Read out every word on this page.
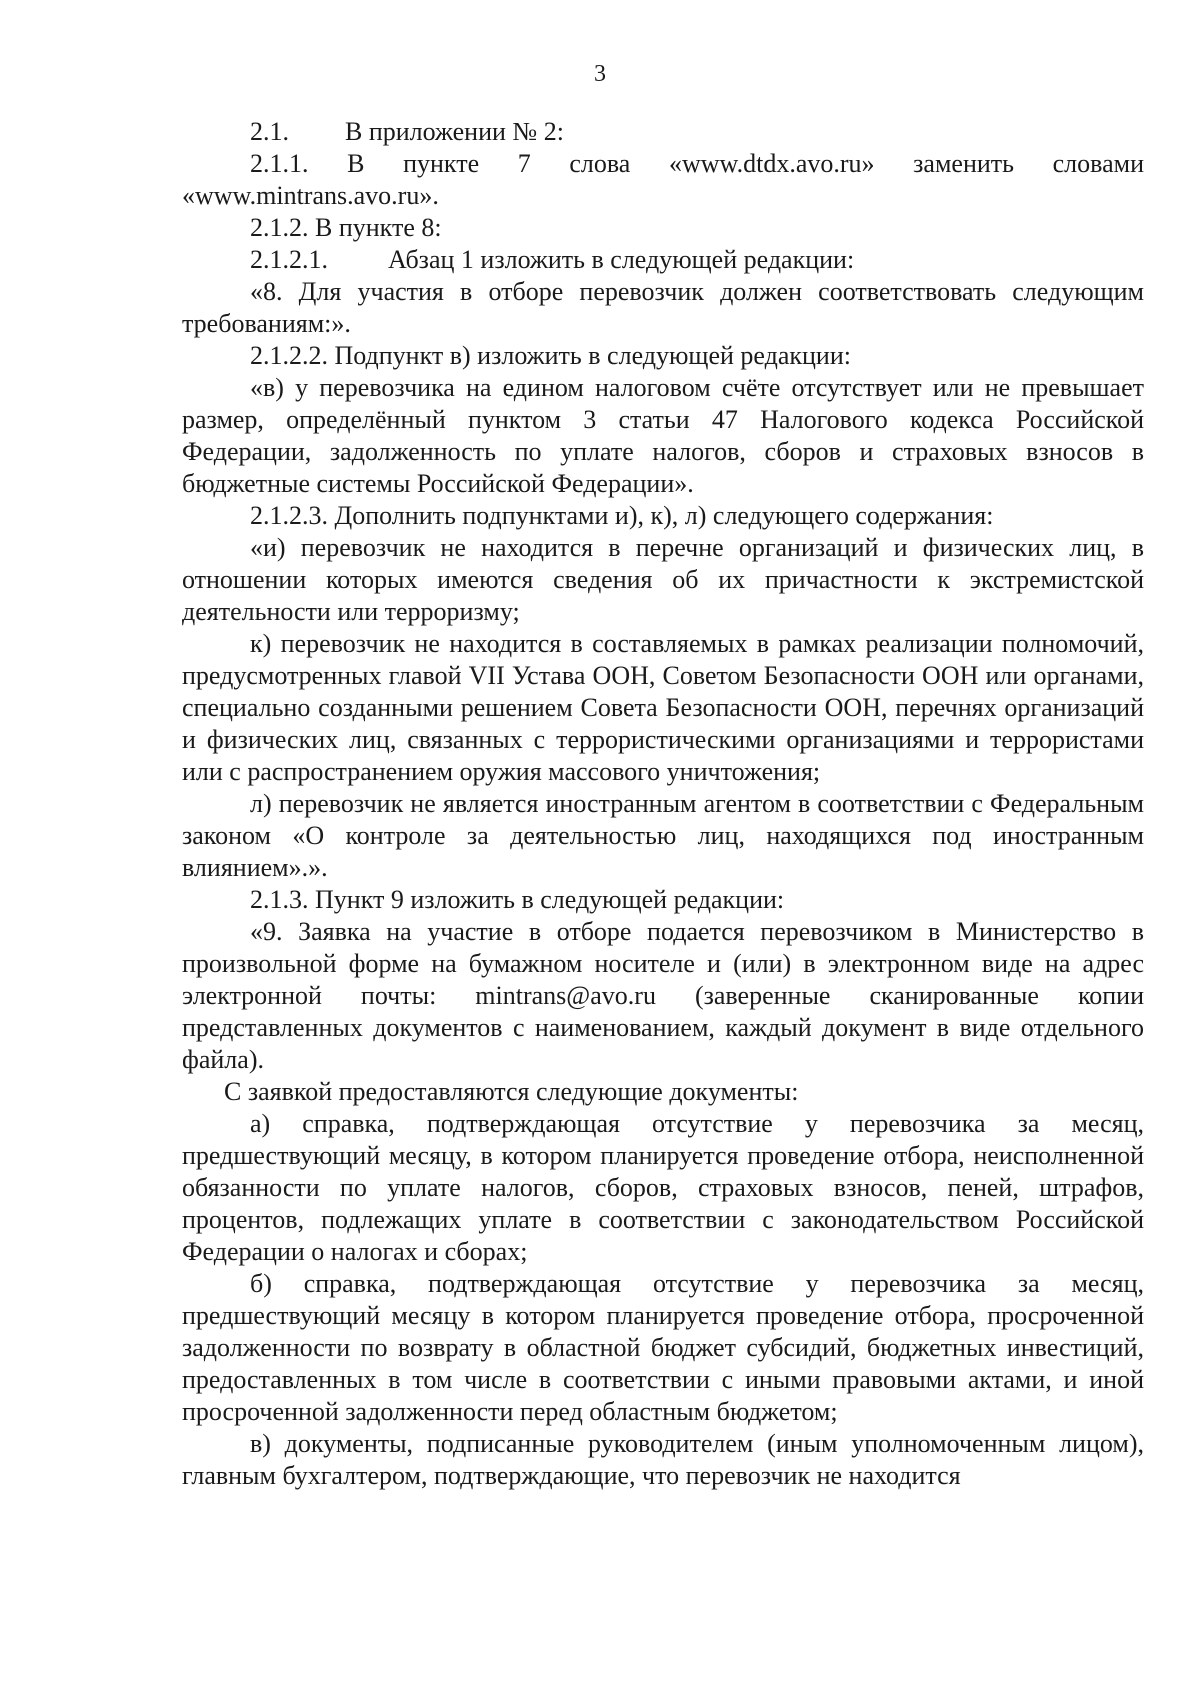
3

2.1. В приложении № 2:

2.1.1. В пункте 7 слова «www.dtdx.avo.ru» заменить словами

«www.mintrans.avo.ru».

2.1.2. В пункте 8:

2.1.2.1. Абзац 1 изложить в следующей редакции:

«8. Для участия в отборе перевозчик должен соответствовать следующим требованиям:».

2.1.2.2. Подпункт в) изложить в следующей редакции:

«в) у перевозчика на едином налоговом счёте отсутствует или не превышает размер, определённый пунктом 3 статьи 47 Налогового кодекса Российской Федерации, задолженность по уплате налогов, сборов и страховых взносов в бюджетные системы Российской Федерации».

2.1.2.3. Дополнить подпунктами и), к), л) следующего содержания:

«и) перевозчик не находится в перечне организаций и физических лиц, в отношении которых имеются сведения об их причастности к экстремистской деятельности или терроризму;

к) перевозчик не находится в составляемых в рамках реализации полномочий, предусмотренных главой VII Устава ООН, Советом Безопасности ООН или органами, специально созданными решением Совета Безопасности ООН, перечнях организаций и физических лиц, связанных с террористическими организациями и террористами или с распространением оружия массового уничтожения;

л) перевозчик не является иностранным агентом в соответствии с Федеральным законом «О контроле за деятельностью лиц, находящихся под иностранным влиянием».».

2.1.3. Пункт 9 изложить в следующей редакции:

«9. Заявка на участие в отборе подается перевозчиком в Министерство в произвольной форме на бумажном носителе и (или) в электронном виде на адрес электронной почты: mintrans@avo.ru (заверенные сканированные копии представленных документов с наименованием, каждый документ в виде отдельного файла).

С заявкой предоставляются следующие документы:

а) справка, подтверждающая отсутствие у перевозчика за месяц, предшествующий месяцу, в котором планируется проведение отбора, неисполненной обязанности по уплате налогов, сборов, страховых взносов, пеней, штрафов, процентов, подлежащих уплате в соответствии с законодательством Российской Федерации о налогах и сборах;

б) справка, подтверждающая отсутствие у перевозчика за месяц, предшествующий месяцу в котором планируется проведение отбора, просроченной задолженности по возврату в областной бюджет субсидий, бюджетных инвестиций, предоставленных в том числе в соответствии с иными правовыми актами, и иной просроченной задолженности перед областным бюджетом;

в) документы, подписанные руководителем (иным уполномоченным лицом), главным бухгалтером, подтверждающие, что перевозчик не находится
